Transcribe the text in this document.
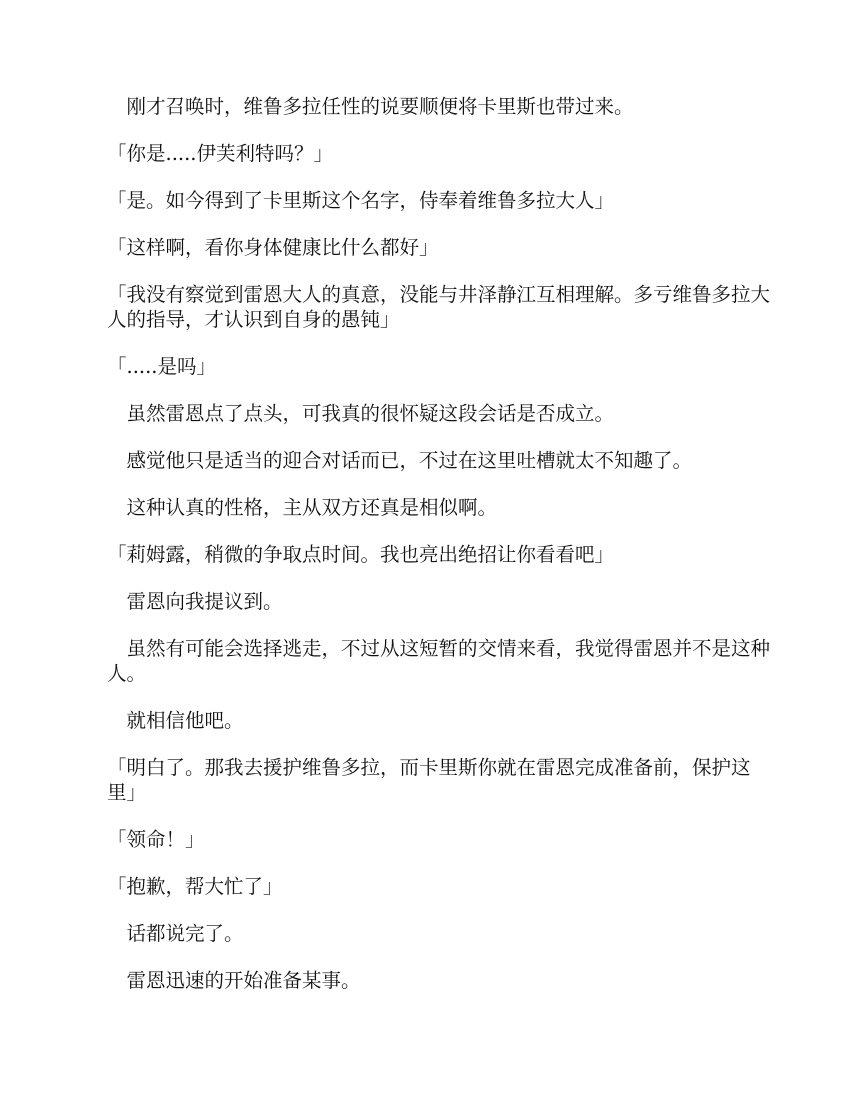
刚才召唤时，维鲁多拉任性的说要顺便将卡里斯也带过来。

「你是.....伊芙利特吗？」

「是。如今得到了卡里斯这个名字，侍奉着维鲁多拉大人」

「这样啊，看你身体健康比什么都好」

「我没有察觉到雷恩大人的真意，没能与井泽静江互相理解。多亏维鲁多拉大人的指导，才认识到自身的愚钝」

「.....是吗」

虽然雷恩点了点头，可我真的很怀疑这段会话是否成立。

感觉他只是适当的迎合对话而已，不过在这里吐槽就太不知趣了。

这种认真的性格，主从双方还真是相似啊。

「莉姆露，稍微的争取点时间。我也亮出绝招让你看看吧」

雷恩向我提议到。

虽然有可能会选择逃走，不过从这短暂的交情来看，我觉得雷恩并不是这种人。

就相信他吧。

「明白了。那我去援护维鲁多拉，而卡里斯你就在雷恩完成准备前，保护这里」

「领命！」

「抱歉，帮大忙了」

话都说完了。

雷恩迅速的开始准备某事。
